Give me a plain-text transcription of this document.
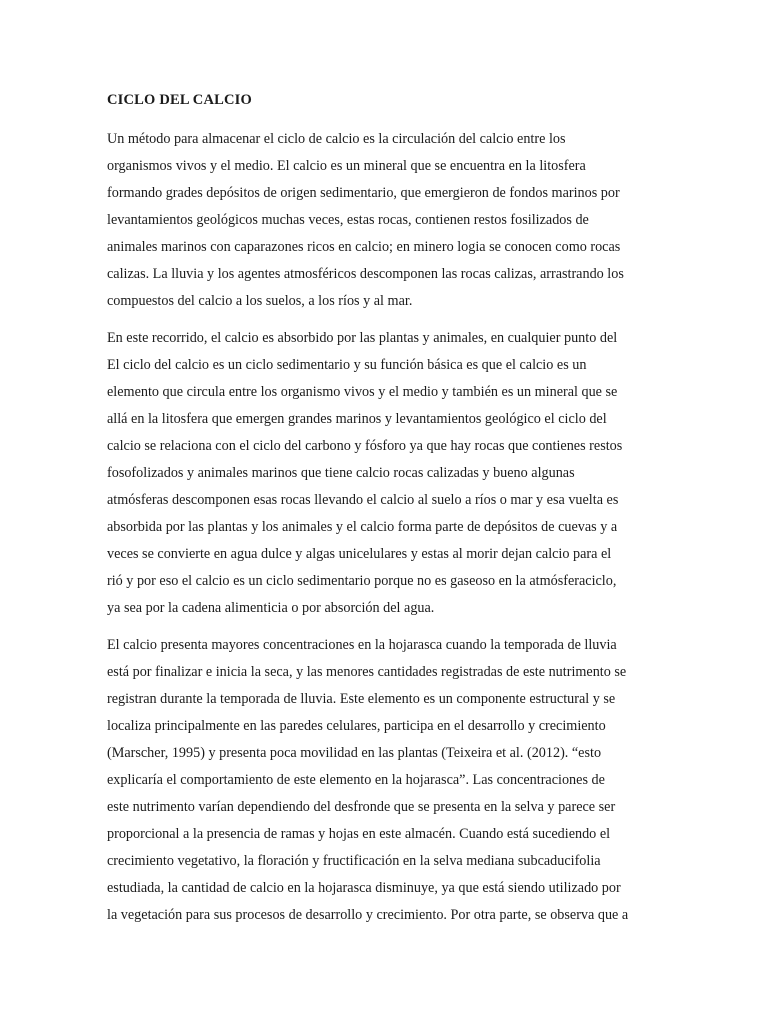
CICLO DEL CALCIO
Un método para almacenar el ciclo de calcio es la circulación del calcio entre los
organismos vivos y el medio. El calcio es un mineral que se encuentra en la litosfera
formando grades depósitos de origen sedimentario, que emergieron de fondos marinos por
levantamientos geológicos muchas veces, estas rocas, contienen restos fosilizados de
animales marinos con caparazones ricos en calcio; en minero logia se conocen como rocas
calizas. La lluvia y los agentes atmosféricos descomponen las rocas calizas, arrastrando los
compuestos del calcio a los suelos, a los ríos y al mar.
En este recorrido, el calcio es absorbido por las plantas y animales, en cualquier punto del
El ciclo del calcio es un ciclo sedimentario y su función básica es que el calcio es un
elemento que circula entre los organismo vivos y el medio y también es un mineral que se
allá en la litosfera que emergen grandes marinos y levantamientos geológico el ciclo del
calcio se relaciona con el ciclo del carbono y fósforo ya que hay rocas que contienes restos
fosofolizados y animales marinos que tiene calcio rocas calizadas y bueno algunas
atmósferas descomponen esas rocas llevando el calcio al suelo a ríos o mar y esa vuelta es
absorbida por las plantas y los animales y el calcio forma parte de depósitos de cuevas y a
veces se convierte en agua dulce y algas unicelulares y estas al morir dejan calcio para el
rió y por eso el calcio es un ciclo sedimentario porque no es gaseoso en la atmósferaciclo,
ya sea por la cadena alimenticia o por absorción del agua.
El calcio presenta mayores concentraciones en la hojarasca cuando la temporada de lluvia
está por finalizar e inicia la seca, y las menores cantidades registradas de este nutrimento se
registran durante la temporada de lluvia. Este elemento es un componente estructural y se
localiza principalmente en las paredes celulares, participa en el desarrollo y crecimiento
(Marscher, 1995) y presenta poca movilidad en las plantas (Teixeira et al. (2012). “esto
explicaría el comportamiento de este elemento en la hojarasca”. Las concentraciones de
este nutrimento varían dependiendo del desfronde que se presenta en la selva y parece ser
proporcional a la presencia de ramas y hojas en este almacén. Cuando está sucediendo el
crecimiento vegetativo, la floración y fructificación en la selva mediana subcaducifolia
estudiada, la cantidad de calcio en la hojarasca disminuye, ya que está siendo utilizado por
la vegetación para sus procesos de desarrollo y crecimiento. Por otra parte, se observa que a
